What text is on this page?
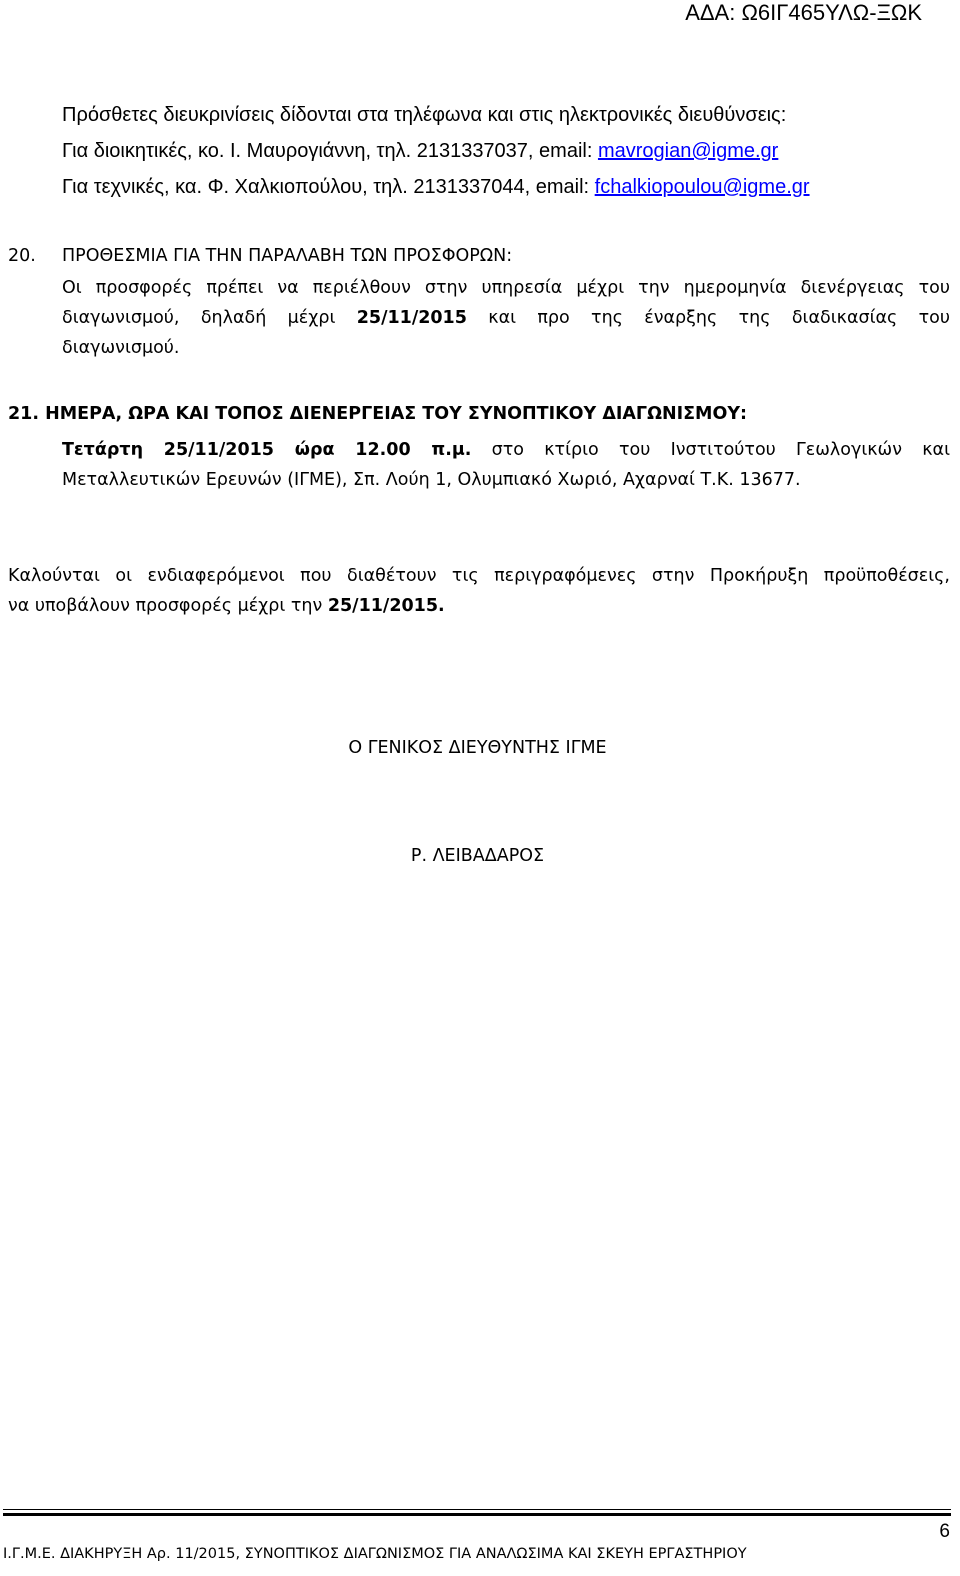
ΑΔΑ: Ω6ΙΓ465ΥΛΩ-ΞΩΚ
Πρόσθετες διευκρινίσεις δίδονται στα τηλέφωνα και στις ηλεκτρονικές διευθύνσεις:
Για διοικητικές, κο. Ι. Μαυρογιάννη, τηλ. 2131337037, email: mavrogian@igme.gr
Για τεχνικές, κα. Φ. Χαλκιοπούλου, τηλ. 2131337044, email: fchalkiopoulou@igme.gr
20. ΠΡΟΘΕΣΜΙΑ ΓΙΑ ΤΗΝ ΠΑΡΑΛΑΒΗ ΤΩΝ ΠΡΟΣΦΟΡΩΝ:
Οι προσφορές πρέπει να περιέλθουν στην υπηρεσία μέχρι την ημερομηνία διενέργειας του
διαγωνισμού, δηλαδή μέχρι 25/11/2015 και προ της έναρξης της διαδικασίας του
διαγωνισμού.
21. ΗΜΕΡΑ, ΩΡΑ ΚΑΙ ΤΟΠΟΣ ΔΙΕΝΕΡΓΕΙΑΣ ΤΟΥ ΣΥΝΟΠΤΙΚΟΥ ΔΙΑΓΩΝΙΣΜΟΥ:
Τετάρτη 25/11/2015 ώρα 12.00 π.μ. στο κτίριο του Ινστιτούτου Γεωλογικών και
Μεταλλευτικών Ερευνών (ΙΓΜΕ), Σπ. Λούη 1, Ολυμπιακό Χωριό, Αχαρναί Τ.Κ. 13677.
Καλούνται οι ενδιαφερόμενοι που διαθέτουν τις περιγραφόμενες στην Προκήρυξη προϋποθέσεις,
να υποβάλουν προσφορές μέχρι την 25/11/2015.
Ο ΓΕΝΙΚΟΣ ΔΙΕΥΘΥΝΤΗΣ ΙΓΜΕ
Ρ. ΛΕΙΒΑΔΑΡΟΣ
6
Ι.Γ.Μ.Ε. ΔΙΑΚΗΡΥΞΗ Αρ. 11/2015, ΣΥΝΟΠΤΙΚΟΣ ΔΙΑΓΩΝΙΣΜΟΣ ΓΙΑ ΑΝΑΛΩΣΙΜΑ ΚΑΙ ΣΚΕΥΗ ΕΡΓΑΣΤΗΡΙΟΥ
